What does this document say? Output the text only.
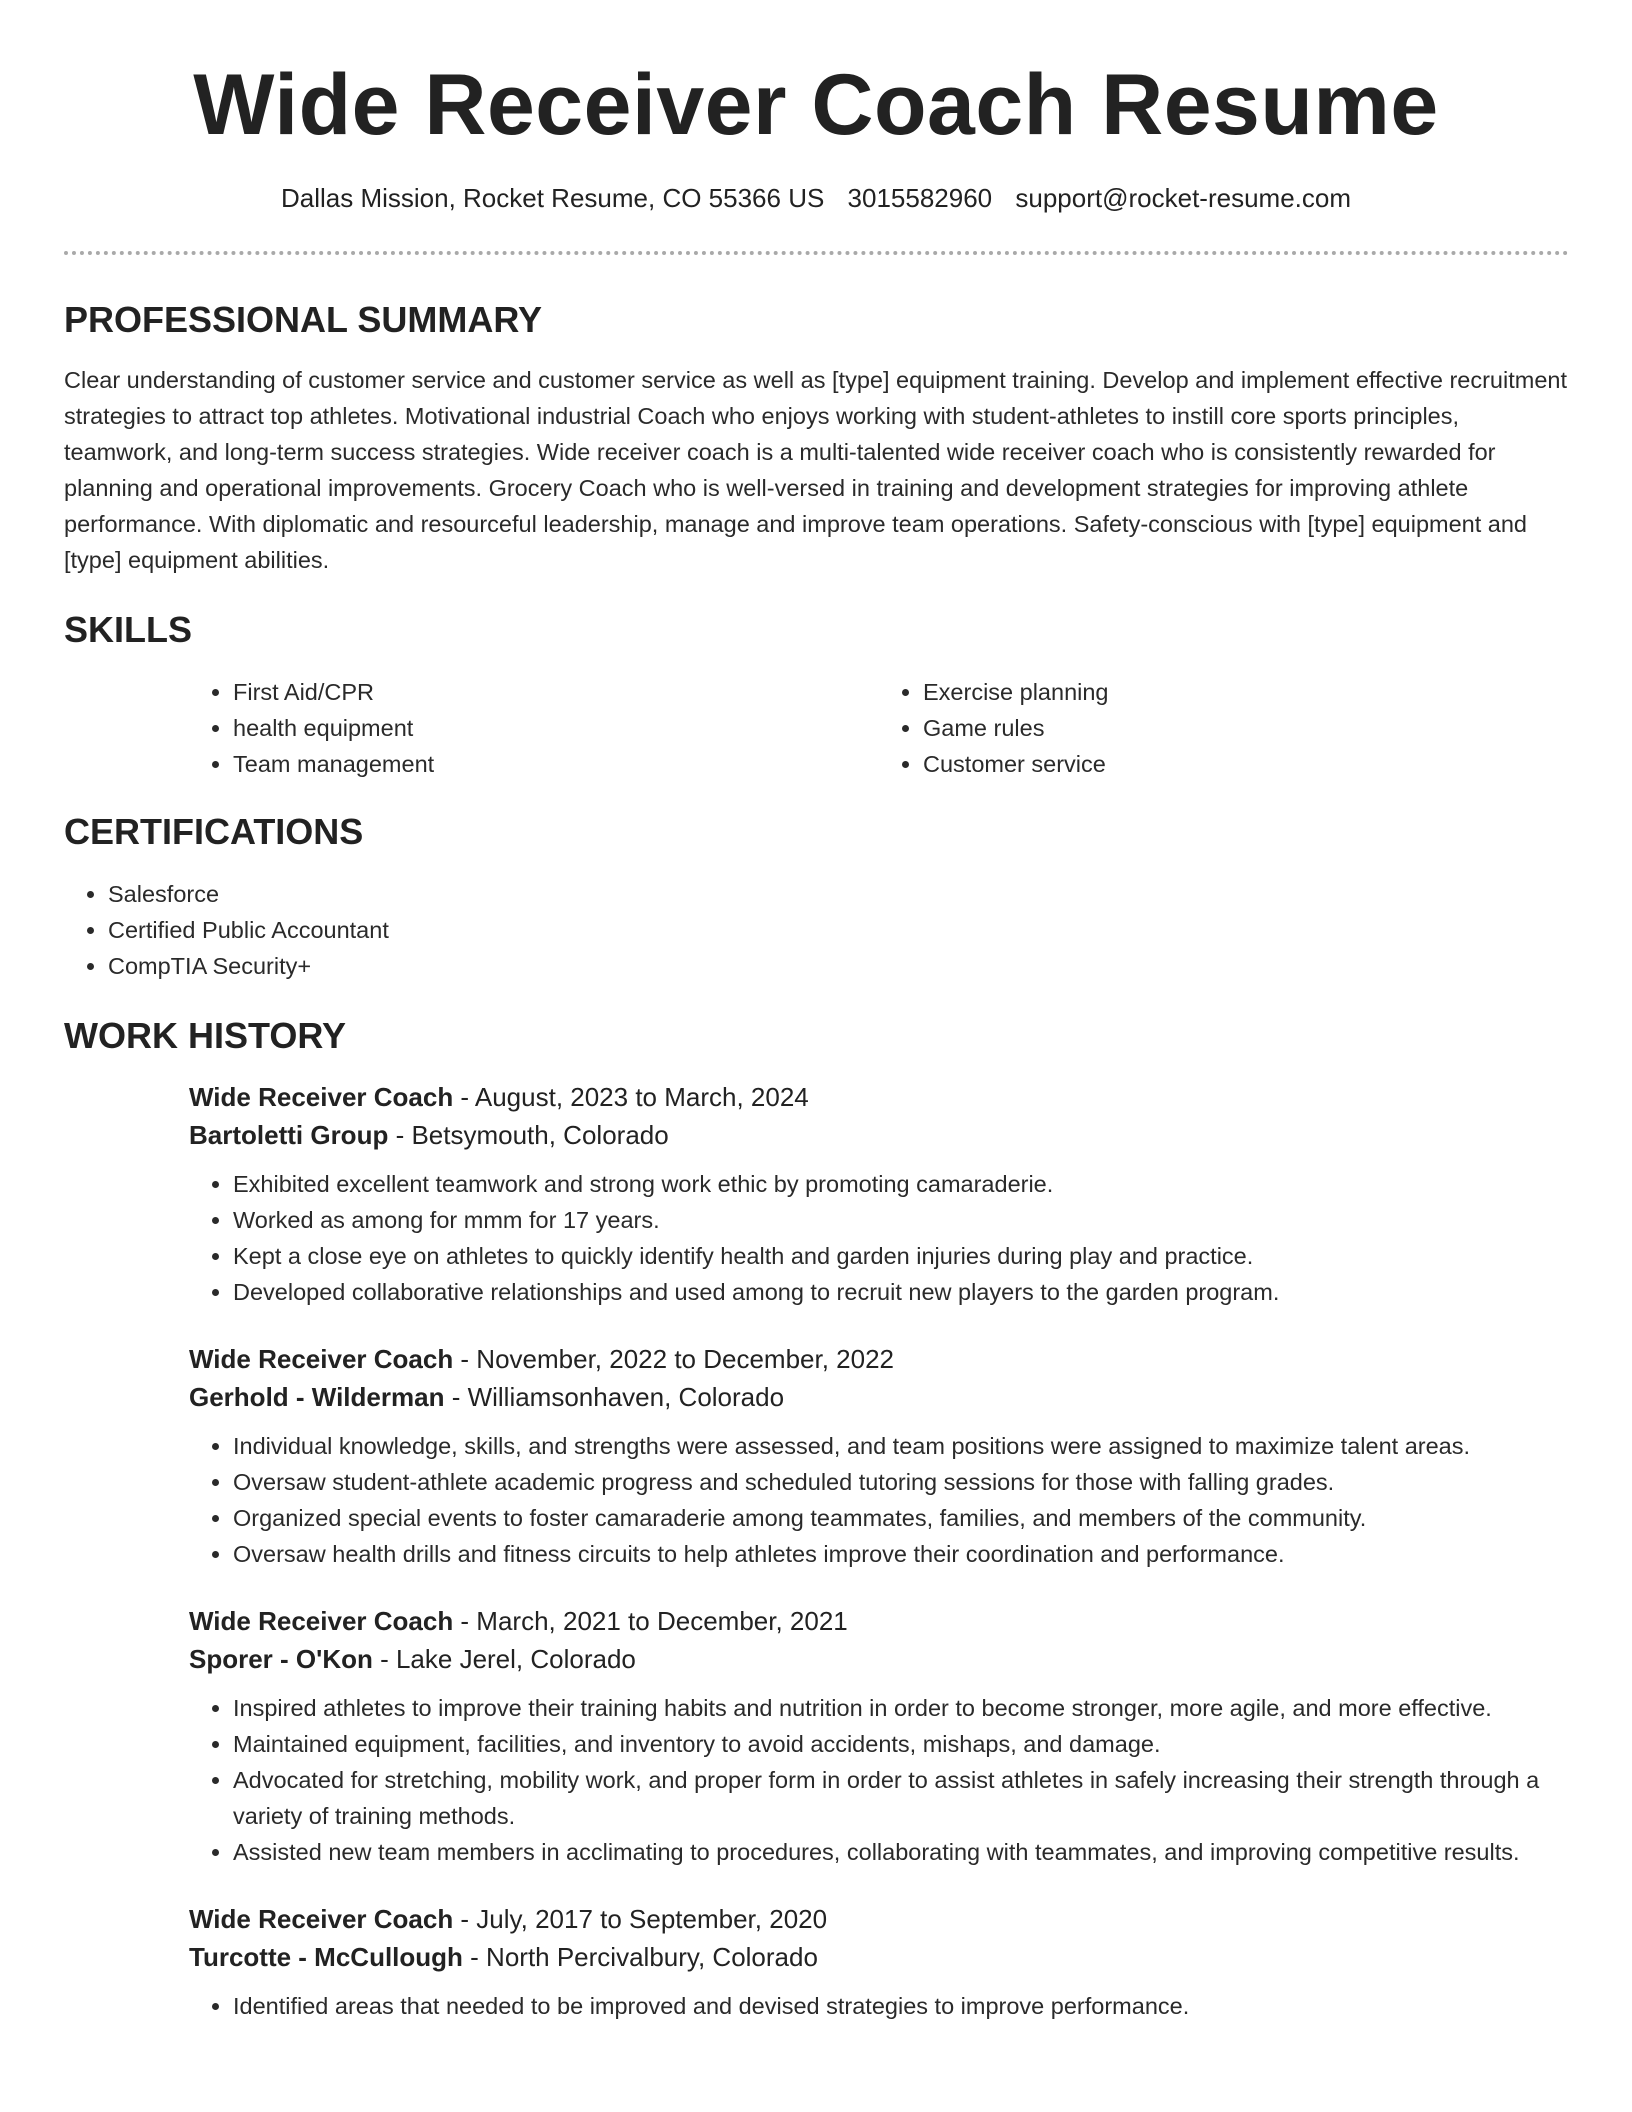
Wide Receiver Coach Resume
Dallas Mission, Rocket Resume, CO 55366 US 3015582960 support@rocket-resume.com
PROFESSIONAL SUMMARY

Clear understanding of customer service and customer service as well as [type] equipment training. Develop and implement effective recruitment strategies to attract top athletes. Motivational industrial Coach who enjoys working with student-athletes to instill core sports principles, teamwork, and long-term success strategies. Wide receiver coach is a multi-talented wide receiver coach who is consistently rewarded for planning and operational improvements. Grocery Coach who is well-versed in training and development strategies for improving athlete performance. With diplomatic and resourceful leadership, manage and improve team operations. Safety-conscious with [type] equipment and [type] equipment abilities.

SKILLS
• First Aid/CPR
• health equipment
• Team management
• Exercise planning
• Game rules
• Customer service
CERTIFICATIONS
• Salesforce
• Certified Public Accountant
• CompTIA Security+
WORK HISTORY
Wide Receiver Coach - August, 2023 to March, 2024
Bartoletti Group - Betsymouth, Colorado
• Exhibited excellent teamwork and strong work ethic by promoting camaraderie.
• Worked as among for mmm for 17 years.
• Kept a close eye on athletes to quickly identify health and garden injuries during play and practice.
• Developed collaborative relationships and used among to recruit new players to the garden program.
Wide Receiver Coach - November, 2022 to December, 2022
Gerhold - Wilderman - Williamsonhaven, Colorado
• Individual knowledge, skills, and strengths were assessed, and team positions were assigned to maximize talent areas.
• Oversaw student-athlete academic progress and scheduled tutoring sessions for those with falling grades.
• Organized special events to foster camaraderie among teammates, families, and members of the community.
• Oversaw health drills and fitness circuits to help athletes improve their coordination and performance.
Wide Receiver Coach - March, 2021 to December, 2021
Sporer - O'Kon - Lake Jerel, Colorado
• Inspired athletes to improve their training habits and nutrition in order to become stronger, more agile, and more effective.
• Maintained equipment, facilities, and inventory to avoid accidents, mishaps, and damage.
• Advocated for stretching, mobility work, and proper form in order to assist athletes in safely increasing their strength through a variety of training methods.
• Assisted new team members in acclimating to procedures, collaborating with teammates, and improving competitive results.
Wide Receiver Coach - July, 2017 to September, 2020
Turcotte - McCullough - North Percivalbury, Colorado
• Identified areas that needed to be improved and devised strategies to improve performance.
